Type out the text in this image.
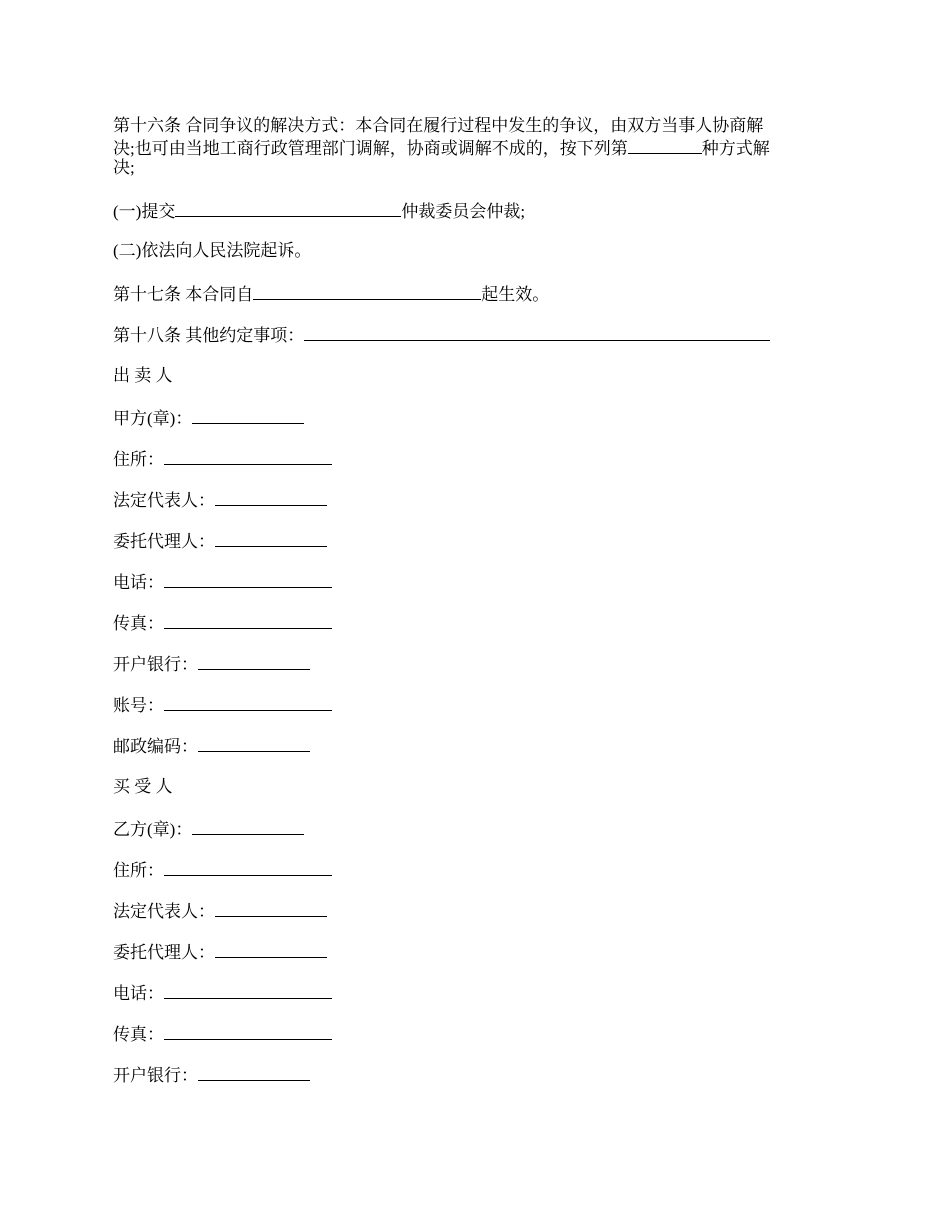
第十六条 合同争议的解决方式：本合同在履行过程中发生的争议，由双方当事人协商解
决;也可由当地工商行政管理部门调解，协商或调解不成的，按下列第	种方式解
决;
(一)提交	仲裁委员会仲裁;
(二)依法向人民法院起诉。
第十七条 本合同自	起生效。
第十八条 其他约定事项：
出 卖 人
甲方(章)：
住所：
法定代表人：
委托代理人：
电话：
传真：
开户银行：
账号：
邮政编码：
买 受 人
乙方(章)：
住所：
法定代表人：
委托代理人：
电话：
传真：
开户银行：
